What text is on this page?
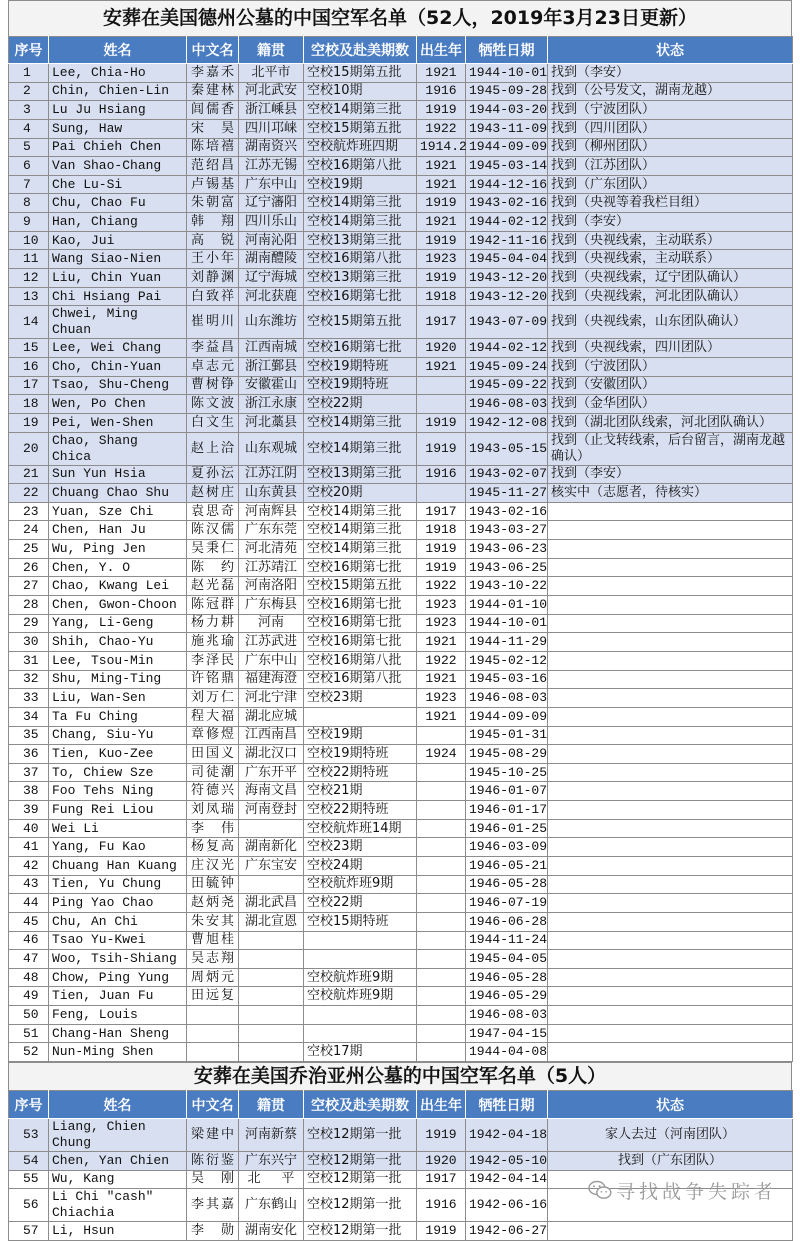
安葬在美国德州公墓的中国空军名单（52人，2019年3月23日更新）
序号	姓名	中文名	籍贯	空校及赴美期数	出生年	牺牲日期	状态
1	Lee, Chia-Ho	李嘉禾	北平市	空校15期第五批	1921	1944-10-01	找到（李安）
2	Chin, Chien-Lin	秦建林	河北武安	空校10期	1916	1945-09-28	找到（公号发文，湖南龙越）
3	Lu Ju Hsiang	闾儒香	浙江嵊县	空校14期第三批	1919	1944-03-20	找到（宁波团队）
4	Sung, Haw	宋 昊	四川邛崃	空校15期第五批	1922	1943-11-09	找到（四川团队）
5	Pai Chieh Chen	陈培禧	湖南资兴	空校航炸班四期	1914.2	1944-09-09	找到（柳州团队）
6	Van Shao-Chang	范绍昌	江苏无锡	空校16期第八批	1921	1945-03-14	找到（江苏团队）
7	Che Lu-Si	卢锡基	广东中山	空校19期	1921	1944-12-16	找到（广东团队）
8	Chu, Chao Fu	朱朝富	辽宁瀋阳	空校14期第三批	1919	1943-02-16	找到（央视等着我栏目组）
9	Han, Chiang	韩 翔	四川乐山	空校14期第三批	1921	1944-02-12	找到（李安）
10	Kao, Jui	高 锐	河南沁阳	空校13期第三批	1919	1942-11-16	找到（央视线索，主动联系）
11	Wang Siao-Nien	王小年	湖南醴陵	空校16期第八批	1923	1945-04-04	找到（央视线索，主动联系）
12	Liu, Chin Yuan	刘静渊	辽宁海城	空校13期第三批	1919	1943-12-20	找到（央视线索，辽宁团队确认）
13	Chi Hsiang Pai	白致祥	河北获鹿	空校16期第七批	1918	1943-12-20	找到（央视线索，河北团队确认）
14	Chwei, Ming Chuan	崔明川	山东潍坊	空校15期第五批	1917	1943-07-09	找到（央视线索，山东团队确认）
15	Lee, Wei Chang	李益昌	江西南城	空校16期第七批	1920	1944-02-12	找到（央视线索，四川团队）
16	Cho, Chin-Yuan	卓志元	浙江鄞县	空校19期特班	1921	1945-09-24	找到（宁波团队）
17	Tsao, Shu-Cheng	曹树铮	安徽霍山	空校19期特班		1945-09-22	找到（安徽团队）
18	Wen, Po Chen	陈文波	浙江永康	空校22期		1946-08-03	找到（金华团队）
19	Pei, Wen-Shen	白文生	河北藁县	空校14期第三批	1919	1942-12-08	找到（湖北团队线索，河北团队确认）
20	Chao, Shang Chica	赵上洽	山东观城	空校14期第三批	1919	1943-05-15	找到（止戈转线索，后台留言，湖南龙越确认）
21	Sun Yun Hsia	夏孙沄	江苏江阴	空校13期第三批	1916	1943-02-07	找到（李安）
22	Chuang Chao Shu	赵树庄	山东黄县	空校20期		1945-11-27	核实中（志愿者，待核实）
23	Yuan, Sze Chi	袁思奇	河南辉县	空校14期第三批	1917	1943-02-16	
24	Chen, Han Ju	陈汉儒	广东东莞	空校14期第三批	1918	1943-03-27	
25	Wu, Ping Jen	吴秉仁	河北清苑	空校14期第三批	1919	1943-06-23	
26	Chen, Y. O	陈 约	江苏靖江	空校16期第七批	1919	1943-06-25	
27	Chao, Kwang Lei	赵光磊	河南洛阳	空校15期第五批	1922	1943-10-22	
28	Chen, Gwon-Choon	陈冠群	广东梅县	空校16期第七批	1923	1944-01-10	
29	Yang, Li-Geng	杨力耕	河南	空校16期第七批	1923	1944-10-01	
30	Shih, Chao-Yu	施兆瑜	江苏武进	空校16期第七批	1921	1944-11-29	
31	Lee, Tsou-Min	李泽民	广东中山	空校16期第八批	1922	1945-02-12	
32	Shu, Ming-Ting	许铭鼎	福建海澄	空校16期第八批	1921	1945-03-16	
33	Liu, Wan-Sen	刘万仁	河北宁津	空校23期	1923	1946-08-03	
34	Ta Fu Ching	程大福	湖北应城		1921	1944-09-09	
35	Chang, Siu-Yu	章修煜	江西南昌	空校19期		1945-01-31	
36	Tien, Kuo-Zee	田国义	湖北汉口	空校19期特班	1924	1945-08-29	
37	To, Chiew Sze	司徒潮	广东开平	空校22期特班		1945-10-25	
38	Foo Tehs Ning	符德兴	海南文昌	空校21期		1946-01-07	
39	Fung Rei Liou	刘凤瑞	河南登封	空校22期特班		1946-01-17	
40	Wei Li	李 伟		空校航炸班14期		1946-01-25	
41	Yang, Fu Kao	杨复高	湖南新化	空校23期		1946-03-09	
42	Chuang Han Kuang	庄汉光	广东宝安	空校24期		1946-05-21	
43	Tien, Yu Chung	田毓钟		空校航炸班9期		1946-05-28	
44	Ping Yao Chao	赵炳尧	湖北武昌	空校22期		1946-07-19	
45	Chu, An Chi	朱安其	湖北宣恩	空校15期特班		1946-06-28	
46	Tsao Yu-Kwei	曹旭桂				1944-11-24	
47	Woo, Tsih-Shiang	吴志翔				1945-04-05	
48	Chow, Ping Yung	周炳元		空校航炸班9期		1946-05-28	
49	Tien, Juan Fu	田远复		空校航炸班9期		1946-05-29	
50	Feng, Louis					1946-08-03	
51	Chang-Han Sheng					1947-04-15	
52	Nun-Ming Shen			空校17期		1944-04-08	
安葬在美国乔治亚州公墓的中国空军名单（5人）
序号	姓名	中文名	籍贯	空校及赴美期数	出生年	牺牲日期	状态
53	Liang, Chien Chung	梁建中	河南新蔡	空校12期第一批	1919	1942-04-18	家人去过（河南团队）
54	Chen, Yan Chien	陈衍鉴	广东兴宁	空校12期第一批	1920	1942-05-10	找到（广东团队）
55	Wu, Kang	吴 刚	北     平	空校12期第一批	1917	1942-04-14	
56	Li Chi "cash" Chiachia	李其嘉	广东鹤山	空校12期第一批	1916	1942-06-16	
57	Li, Hsun	李 勋	湖南安化	空校12期第一批	1919	1942-06-27	
寻找战争失踪者
